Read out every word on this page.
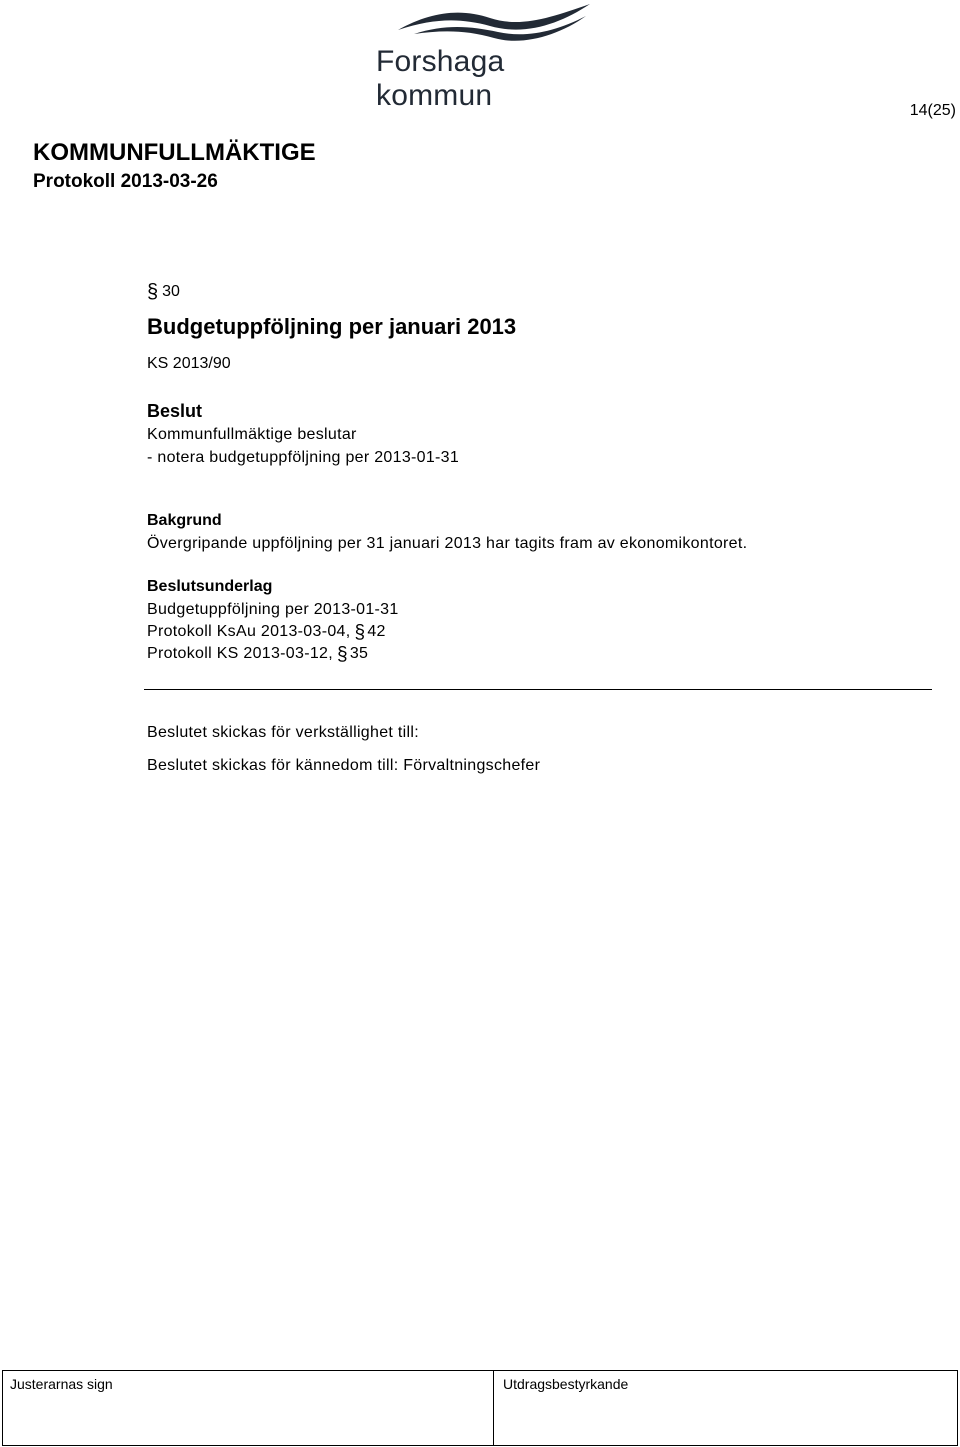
Forshaga kommun	14(25)
KOMMUNFULLMÄKTIGE
Protokoll 2013-03-26
§ 30
Budgetuppföljning per januari 2013
KS 2013/90
Beslut
Kommunfullmäktige beslutar
- notera budgetuppföljning per 2013-01-31
Bakgrund
Övergripande uppföljning per 31 januari 2013 har tagits fram av ekonomikontoret.
Beslutsunderlag
Budgetuppföljning per 2013-01-31
Protokoll KsAu 2013-03-04, § 42
Protokoll KS 2013-03-12, § 35
Beslutet skickas för verkställighet till:
Beslutet skickas för kännedom till: Förvaltningschefer
Justerarnas sign	Utdragsbestyrkande
